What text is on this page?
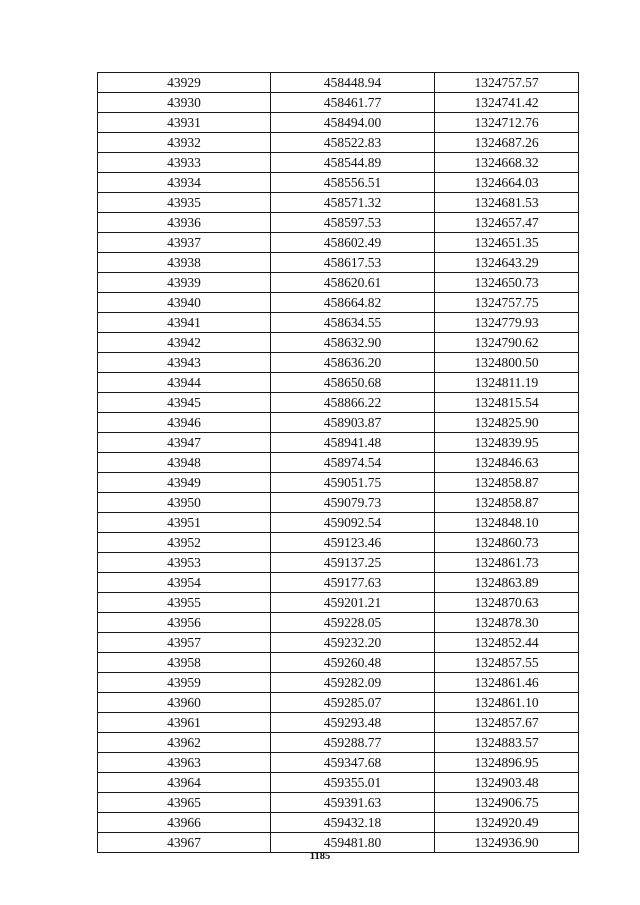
43929	458448.94	1324757.57
43930	458461.77	1324741.42
43931	458494.00	1324712.76
43932	458522.83	1324687.26
43933	458544.89	1324668.32
43934	458556.51	1324664.03
43935	458571.32	1324681.53
43936	458597.53	1324657.47
43937	458602.49	1324651.35
43938	458617.53	1324643.29
43939	458620.61	1324650.73
43940	458664.82	1324757.75
43941	458634.55	1324779.93
43942	458632.90	1324790.62
43943	458636.20	1324800.50
43944	458650.68	1324811.19
43945	458866.22	1324815.54
43946	458903.87	1324825.90
43947	458941.48	1324839.95
43948	458974.54	1324846.63
43949	459051.75	1324858.87
43950	459079.73	1324858.87
43951	459092.54	1324848.10
43952	459123.46	1324860.73
43953	459137.25	1324861.73
43954	459177.63	1324863.89
43955	459201.21	1324870.63
43956	459228.05	1324878.30
43957	459232.20	1324852.44
43958	459260.48	1324857.55
43959	459282.09	1324861.46
43960	459285.07	1324861.10
43961	459293.48	1324857.67
43962	459288.77	1324883.57
43963	459347.68	1324896.95
43964	459355.01	1324903.48
43965	459391.63	1324906.75
43966	459432.18	1324920.49
43967	459481.80	1324936.90
1185
